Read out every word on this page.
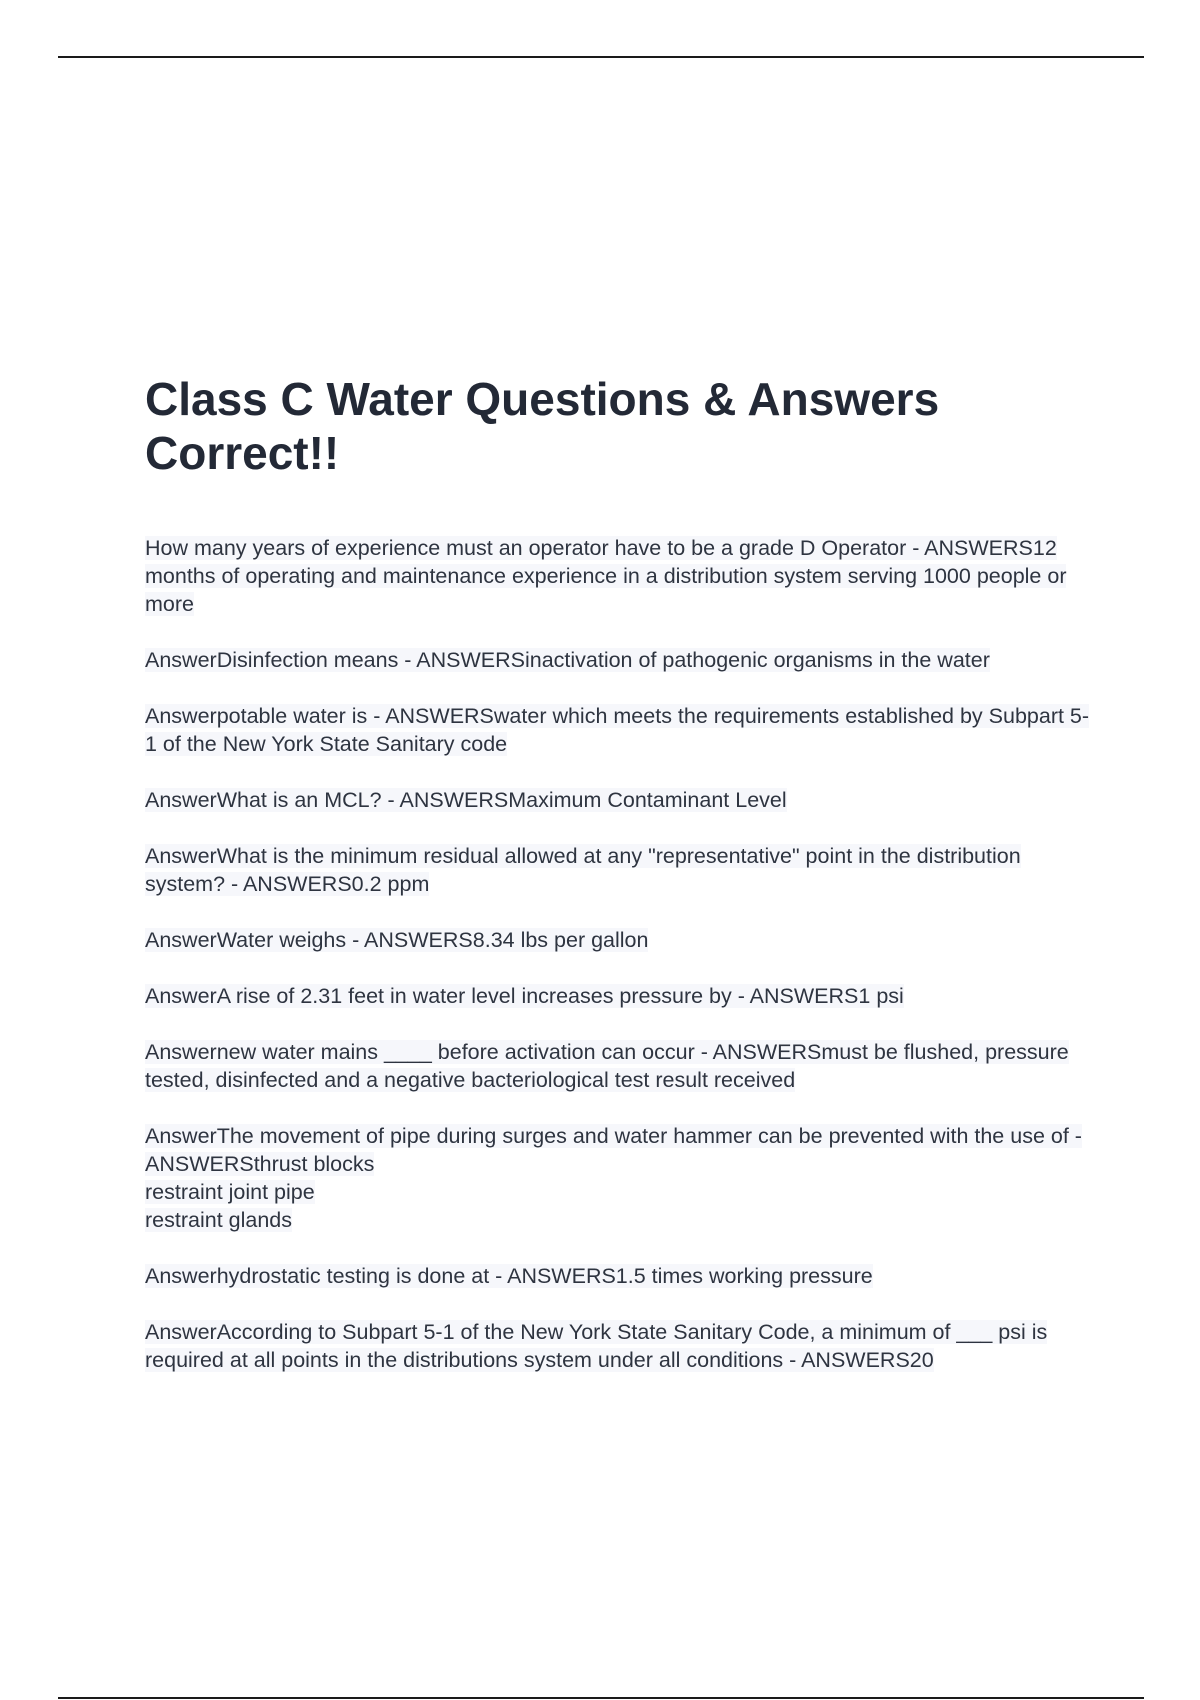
Class C Water Questions & Answers Correct!!
How many years of experience must an operator have to be a grade D Operator - ANSWERS12 months of operating and maintenance experience in a distribution system serving 1000 people or more
AnswerDisinfection means - ANSWERSinactivation of pathogenic organisms in the water
Answerpotable water is - ANSWERSwater which meets the requirements established by Subpart 5-1 of the New York State Sanitary code
AnswerWhat is an MCL? - ANSWERSMaximum Contaminant Level
AnswerWhat is the minimum residual allowed at any "representative" point in the distribution system? - ANSWERS0.2 ppm
AnswerWater weighs - ANSWERS8.34 lbs per gallon
AnswerA rise of 2.31 feet in water level increases pressure by - ANSWERS1 psi
Answernew water mains ____ before activation can occur - ANSWERSmust be flushed, pressure tested, disinfected and a negative bacteriological test result received
AnswerThe movement of pipe during surges and water hammer can be prevented with the use of - ANSWERSthrust blocks
restraint joint pipe
restraint glands
Answerhydrostatic testing is done at - ANSWERS1.5 times working pressure
AnswerAccording to Subpart 5-1 of the New York State Sanitary Code, a minimum of ___ psi is required at all points in the distributions system under all conditions - ANSWERS20
